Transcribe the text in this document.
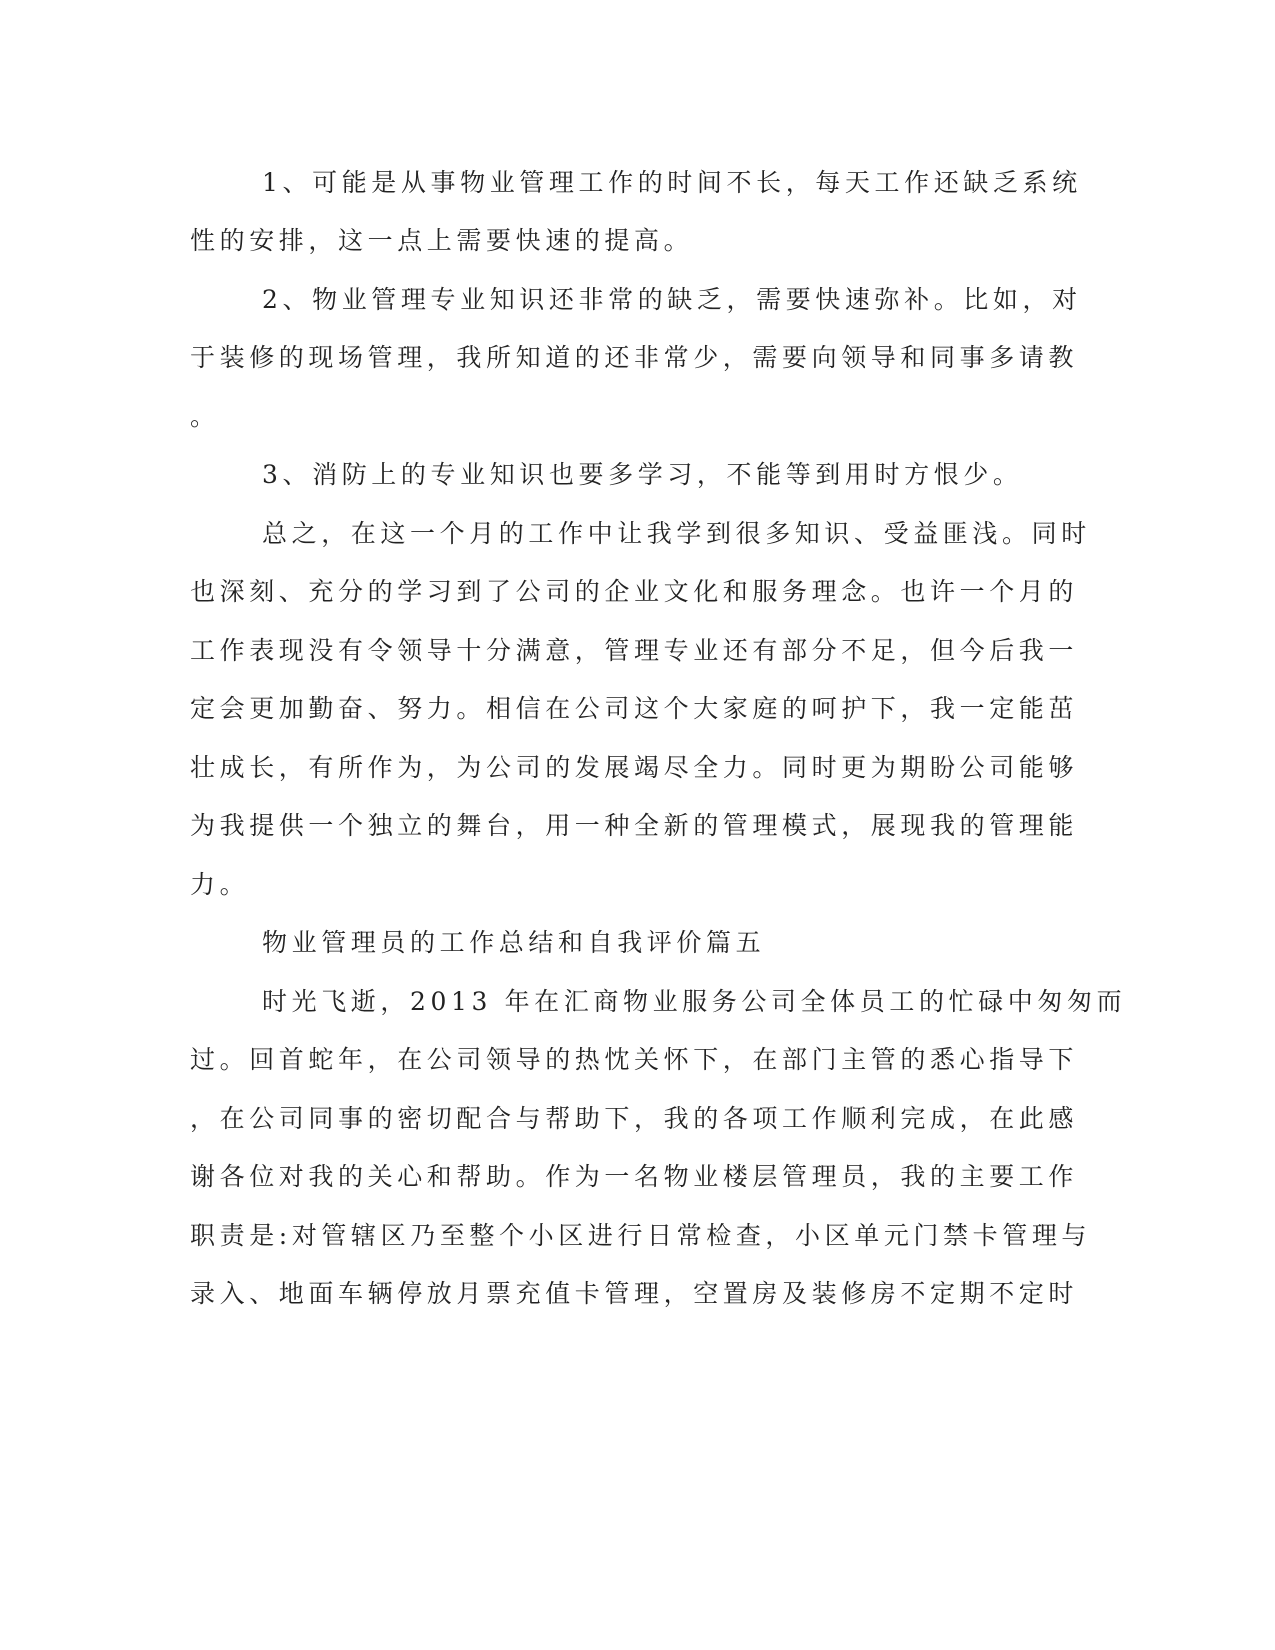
1、可能是从事物业管理工作的时间不长，每天工作还缺乏系统

性的安排，这一点上需要快速的提高。

2、物业管理专业知识还非常的缺乏，需要快速弥补。比如，对

于装修的现场管理，我所知道的还非常少，需要向领导和同事多请教

。

3、消防上的专业知识也要多学习，不能等到用时方恨少。

总之，在这一个月的工作中让我学到很多知识、受益匪浅。同时

也深刻、充分的学习到了公司的企业文化和服务理念。也许一个月的

工作表现没有令领导十分满意，管理专业还有部分不足，但今后我一

定会更加勤奋、努力。相信在公司这个大家庭的呵护下，我一定能茁

壮成长，有所作为，为公司的发展竭尽全力。同时更为期盼公司能够

为我提供一个独立的舞台，用一种全新的管理模式，展现我的管理能

力。

物业管理员的工作总结和自我评价篇五

时光飞逝，2013 年在汇商物业服务公司全体员工的忙碌中匆匆而

过。回首蛇年，在公司领导的热忱关怀下，在部门主管的悉心指导下

，在公司同事的密切配合与帮助下，我的各项工作顺利完成，在此感

谢各位对我的关心和帮助。作为一名物业楼层管理员，我的主要工作

职责是:对管辖区乃至整个小区进行日常检查，小区单元门禁卡管理与

录入、地面车辆停放月票充值卡管理，空置房及装修房不定期不定时
